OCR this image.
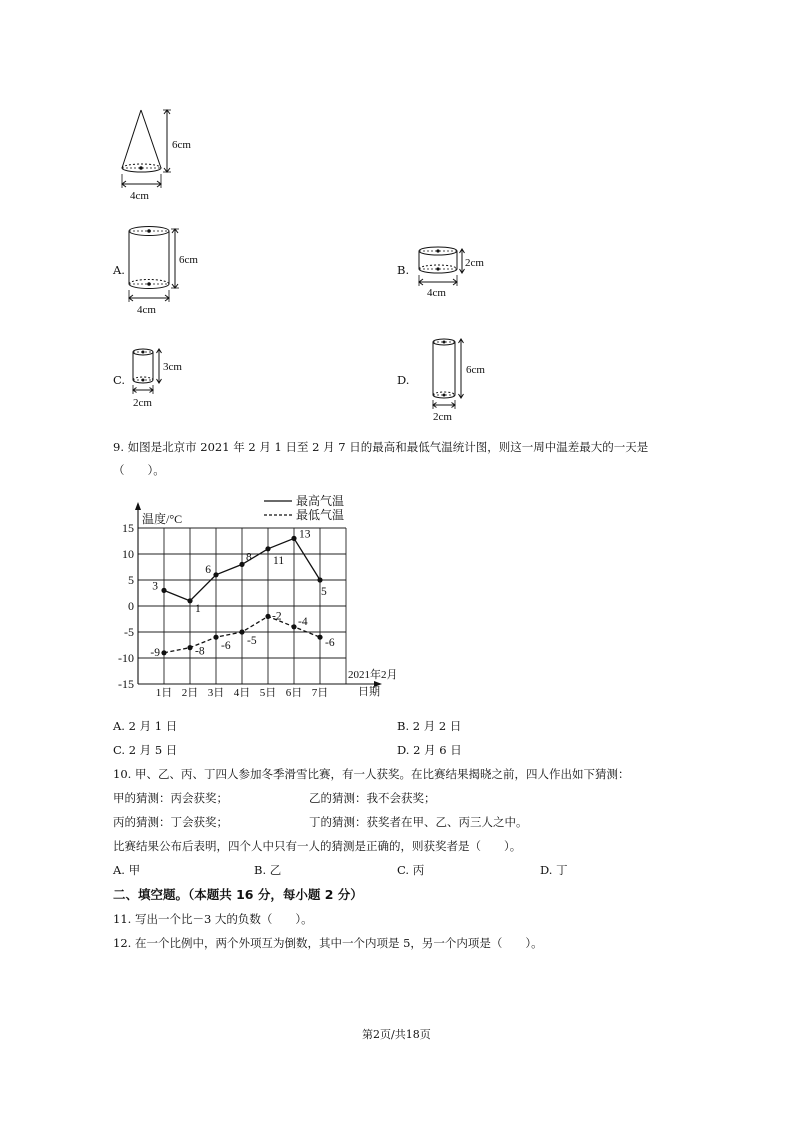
6cm
4cm
A.
6cm
4cm
B.	2cm
4cm
C.
3cm
2cm
D.
6cm
2cm
9. 如图是北京市 2021 年 2 月 1 日至 2 月 7 日的最高和最低气温统计图，则这一周中温差最大的一天是
（　　）。
15
10
5
0
-5
-10
-15
温度/°C
2021年2月
日期
1日 2日 3日 4日 5日 6日 7日
最高气温
最低气温
3
1
6
8 11
13
5
-9	-8 -6 -5
-2 -4
-6
A. 2 月 1 日	B. 2 月 2 日
C. 2 月 5 日	D. 2 月 6 日
10. 甲、乙、丙、丁四人参加冬季滑雪比赛，有一人获奖。在比赛结果揭晓之前，四人作出如下猜测：
甲的猜测：丙会获奖；	乙的猜测：我不会获奖；
丙的猜测：丁会获奖；	丁的猜测：获奖者在甲、乙、丙三人之中。
比赛结果公布后表明，四个人中只有一人的猜测是正确的，则获奖者是（　　）。
A. 甲	B. 乙	C. 丙	D. 丁
二、填空题。（本题共 16 分，每小题 2 分）
11. 写出一个比－3 大的负数（　　）。
12. 在一个比例中，两个外项互为倒数，其中一个内项是 5，另一个内项是（　　）。
第2页/共18页
